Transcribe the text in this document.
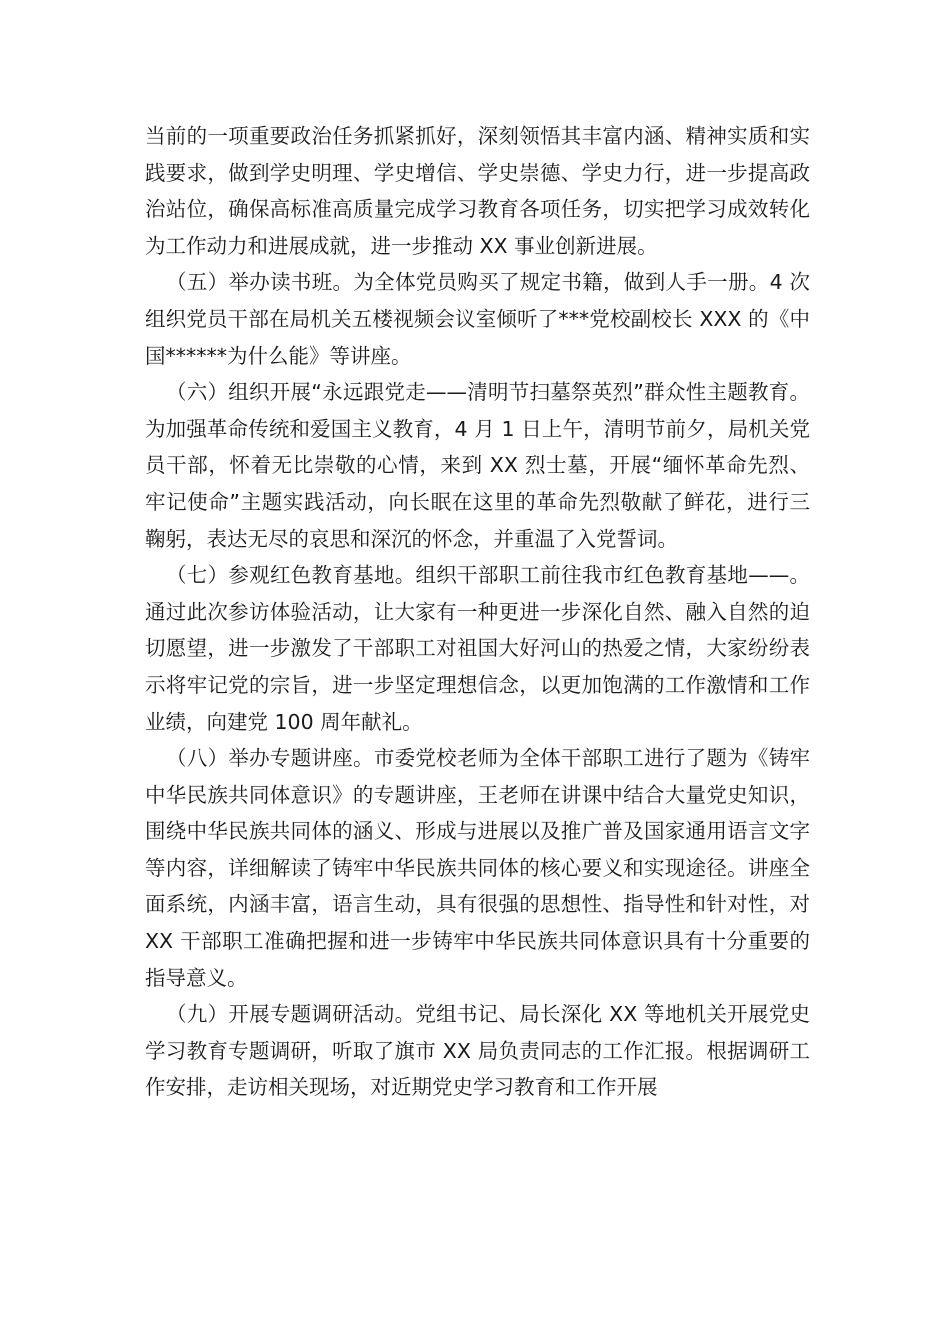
当前的一项重要政治任务抓紧抓好，深刻领悟其丰富内涵、精神实质和实践要求，做到学史明理、学史增信、学史崇德、学史力行，进一步提高政治站位，确保高标准高质量完成学习教育各项任务，切实把学习成效转化为工作动力和进展成就，进一步推动 XX 事业创新进展。

（五）举办读书班。为全体党员购买了规定书籍，做到人手一册。4 次组织党员干部在局机关五楼视频会议室倾听了***党校副校长 XXX 的《中国******为什么能》等讲座。

（六）组织开展“永远跟党走——清明节扫墓祭英烈”群众性主题教育。为加强革命传统和爱国主义教育，4 月 1 日上午，清明节前夕，局机关党员干部，怀着无比崇敬的心情，来到 XX 烈士墓，开展“缅怀革命先烈、牢记使命”主题实践活动，向长眠在这里的革命先烈敬献了鲜花，进行三鞠躬，表达无尽的哀思和深沉的怀念，并重温了入党誓词。

（七）参观红色教育基地。组织干部职工前往我市红色教育基地——。通过此次参访体验活动，让大家有一种更进一步深化自然、融入自然的迫切愿望，进一步激发了干部职工对祖国大好河山的热爱之情，大家纷纷表示将牢记党的宗旨，进一步坚定理想信念，以更加饱满的工作激情和工作业绩，向建党 100 周年献礼。

（八）举办专题讲座。市委党校老师为全体干部职工进行了题为《铸牢中华民族共同体意识》的专题讲座，王老师在讲课中结合大量党史知识，围绕中华民族共同体的涵义、形成与进展以及推广普及国家通用语言文字等内容，详细解读了铸牢中华民族共同体的核心要义和实现途径。讲座全面系统，内涵丰富，语言生动，具有很强的思想性、指导性和针对性，对 XX 干部职工准确把握和进一步铸牢中华民族共同体意识具有十分重要的指导意义。

（九）开展专题调研活动。党组书记、局长深化 XX 等地机关开展党史学习教育专题调研，听取了旗市 XX 局负责同志的工作汇报。根据调研工作安排，走访相关现场，对近期党史学习教育和工作开展
